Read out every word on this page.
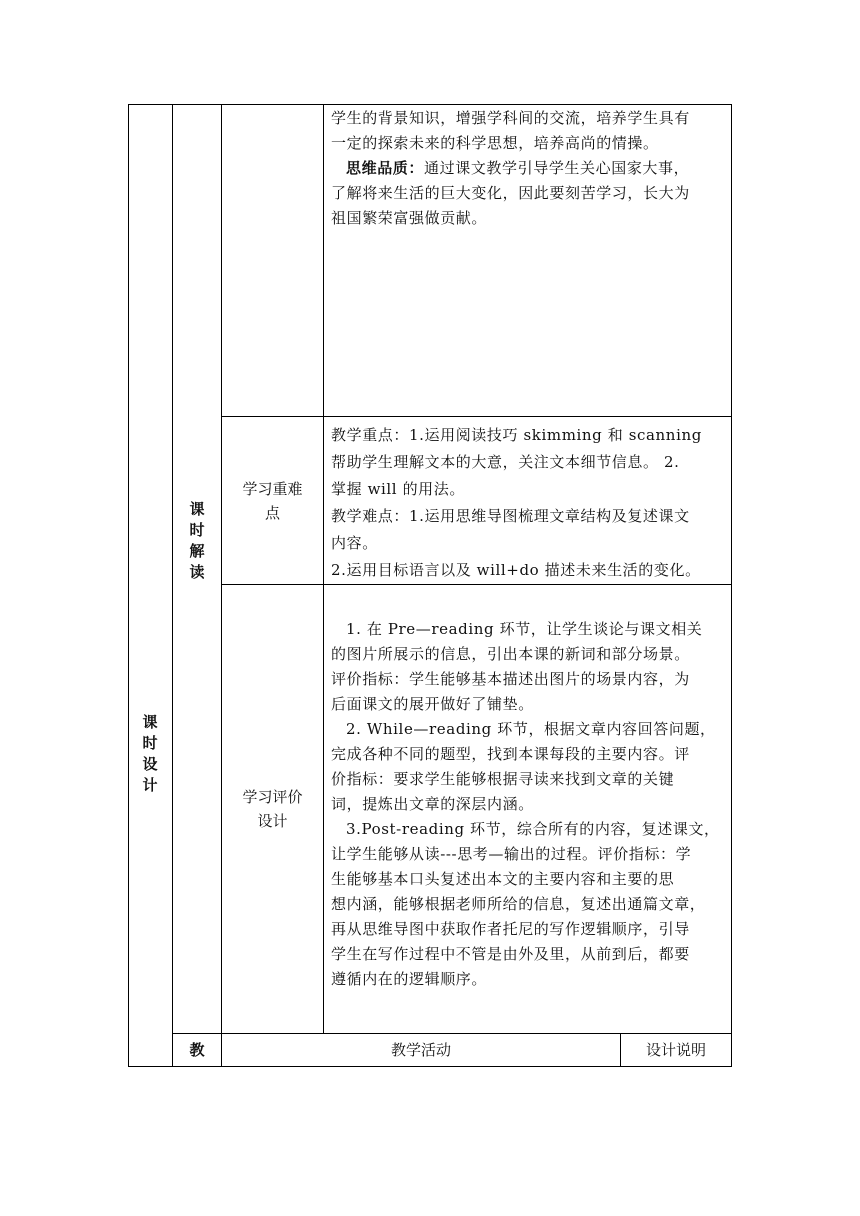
课
时
设
计
课
时
解
读

学生的背景知识，增强学科间的交流，培养学生具有

一定的探索未来的科学思想，培养高尚的情操。

思维品质：通过课文教学引导学生关心国家大事，

了解将来生活的巨大变化，因此要刻苦学习，长大为

祖国繁荣富强做贡献。

学习重难
点

教学重点：1.运用阅读技巧 skimming 和 scanning

帮助学生理解文本的大意，关注文本细节信息。 2.

掌握 will 的用法。

教学难点：1.运用思维导图梳理文章结构及复述课文

内容。

2.运用目标语言以及 will+do 描述未来生活的变化。

学习评价
设计

1. 在 Pre—reading 环节，让学生谈论与课文相关

的图片所展示的信息，引出本课的新词和部分场景。

评价指标：学生能够基本描述出图片的场景内容，为

后面课文的展开做好了铺垫。

2. While—reading 环节，根据文章内容回答问题，

完成各种不同的题型，找到本课每段的主要内容。评

价指标：要求学生能够根据寻读来找到文章的关键

词，提炼出文章的深层内涵。

3.Post-reading 环节，综合所有的内容，复述课文，

让学生能够从读---思考—输出的过程。评价指标：学

生能够基本口头复述出本文的主要内容和主要的思

想内涵，能够根据老师所给的信息，复述出通篇文章，

再从思维导图中获取作者托尼的写作逻辑顺序，引导

学生在写作过程中不管是由外及里，从前到后，都要

遵循内在的逻辑顺序。

教	教学活动	设计说明
